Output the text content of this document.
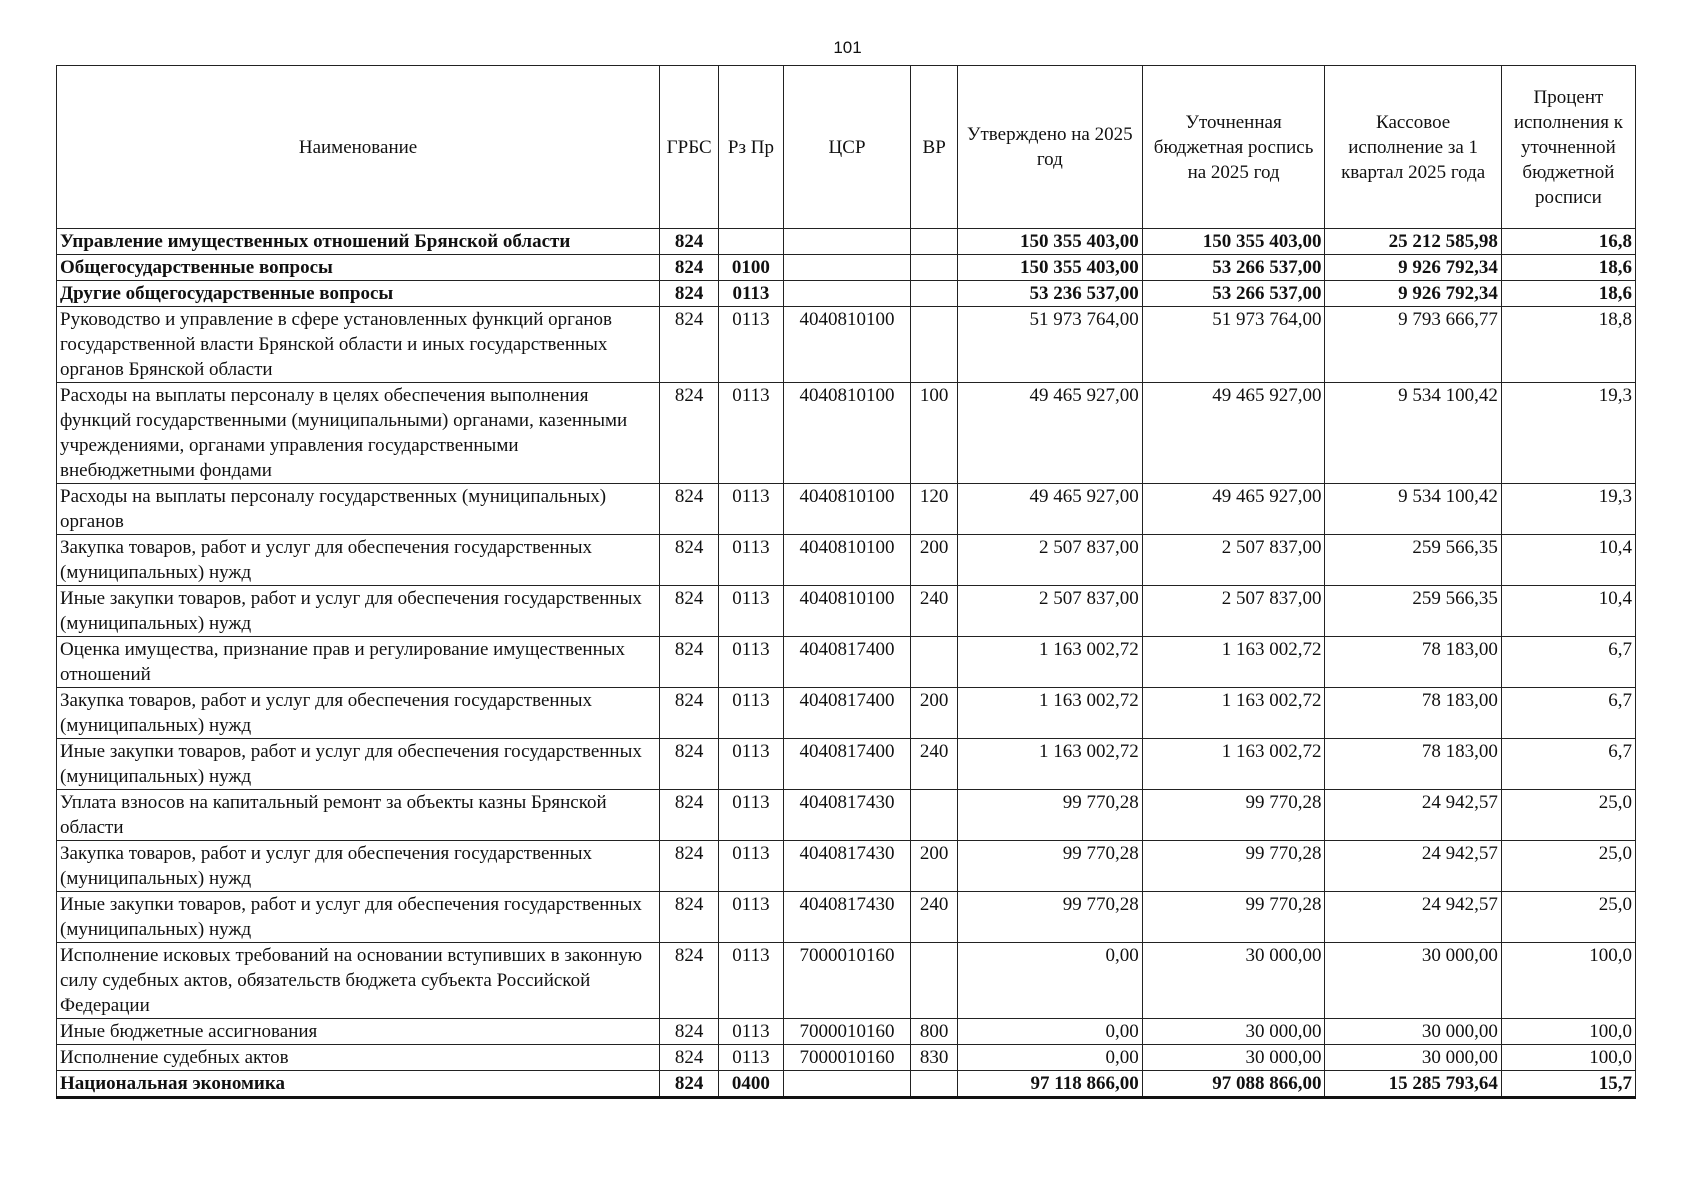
101
Наименование	ГРБС	Рз Пр	ЦСР	ВР	Утверждено на 2025 год	Уточненная бюджетная роспись на 2025 год	Кассовое исполнение за 1 квартал 2025 года	Процент исполнения к уточненной бюджетной росписи
Управление имущественных отношений Брянской области	824				150 355 403,00	150 355 403,00	25 212 585,98	16,8
Общегосударственные вопросы	824	0100			150 355 403,00	53 266 537,00	9 926 792,34	18,6
Другие общегосударственные вопросы	824	0113			53 236 537,00	53 266 537,00	9 926 792,34	18,6
Руководство и управление в сфере установленных функций органов государственной власти Брянской области и иных государственных органов Брянской области	824	0113	4040810100		51 973 764,00	51 973 764,00	9 793 666,77	18,8
Расходы на выплаты персоналу в целях обеспечения выполнения функций государственными (муниципальными) органами, казенными учреждениями, органами управления государственными внебюджетными фондами	824	0113	4040810100	100	49 465 927,00	49 465 927,00	9 534 100,42	19,3
Расходы на выплаты персоналу государственных (муниципальных) органов	824	0113	4040810100	120	49 465 927,00	49 465 927,00	9 534 100,42	19,3
Закупка товаров, работ и услуг для обеспечения государственных (муниципальных) нужд	824	0113	4040810100	200	2 507 837,00	2 507 837,00	259 566,35	10,4
Иные закупки товаров, работ и услуг для обеспечения государственных (муниципальных) нужд	824	0113	4040810100	240	2 507 837,00	2 507 837,00	259 566,35	10,4
Оценка имущества, признание прав и регулирование имущественных отношений	824	0113	4040817400		1 163 002,72	1 163 002,72	78 183,00	6,7
Закупка товаров, работ и услуг для обеспечения государственных (муниципальных) нужд	824	0113	4040817400	200	1 163 002,72	1 163 002,72	78 183,00	6,7
Иные закупки товаров, работ и услуг для обеспечения государственных (муниципальных) нужд	824	0113	4040817400	240	1 163 002,72	1 163 002,72	78 183,00	6,7
Уплата взносов на капитальный ремонт за объекты казны Брянской области	824	0113	4040817430		99 770,28	99 770,28	24 942,57	25,0
Закупка товаров, работ и услуг для обеспечения государственных (муниципальных) нужд	824	0113	4040817430	200	99 770,28	99 770,28	24 942,57	25,0
Иные закупки товаров, работ и услуг для обеспечения государственных (муниципальных) нужд	824	0113	4040817430	240	99 770,28	99 770,28	24 942,57	25,0
Исполнение исковых требований на основании вступивших в законную силу судебных актов, обязательств бюджета субъекта Российской Федерации	824	0113	7000010160		0,00	30 000,00	30 000,00	100,0
Иные бюджетные ассигнования	824	0113	7000010160	800	0,00	30 000,00	30 000,00	100,0
Исполнение судебных актов	824	0113	7000010160	830	0,00	30 000,00	30 000,00	100,0
Национальная экономика	824	0400			97 118 866,00	97 088 866,00	15 285 793,64	15,7
